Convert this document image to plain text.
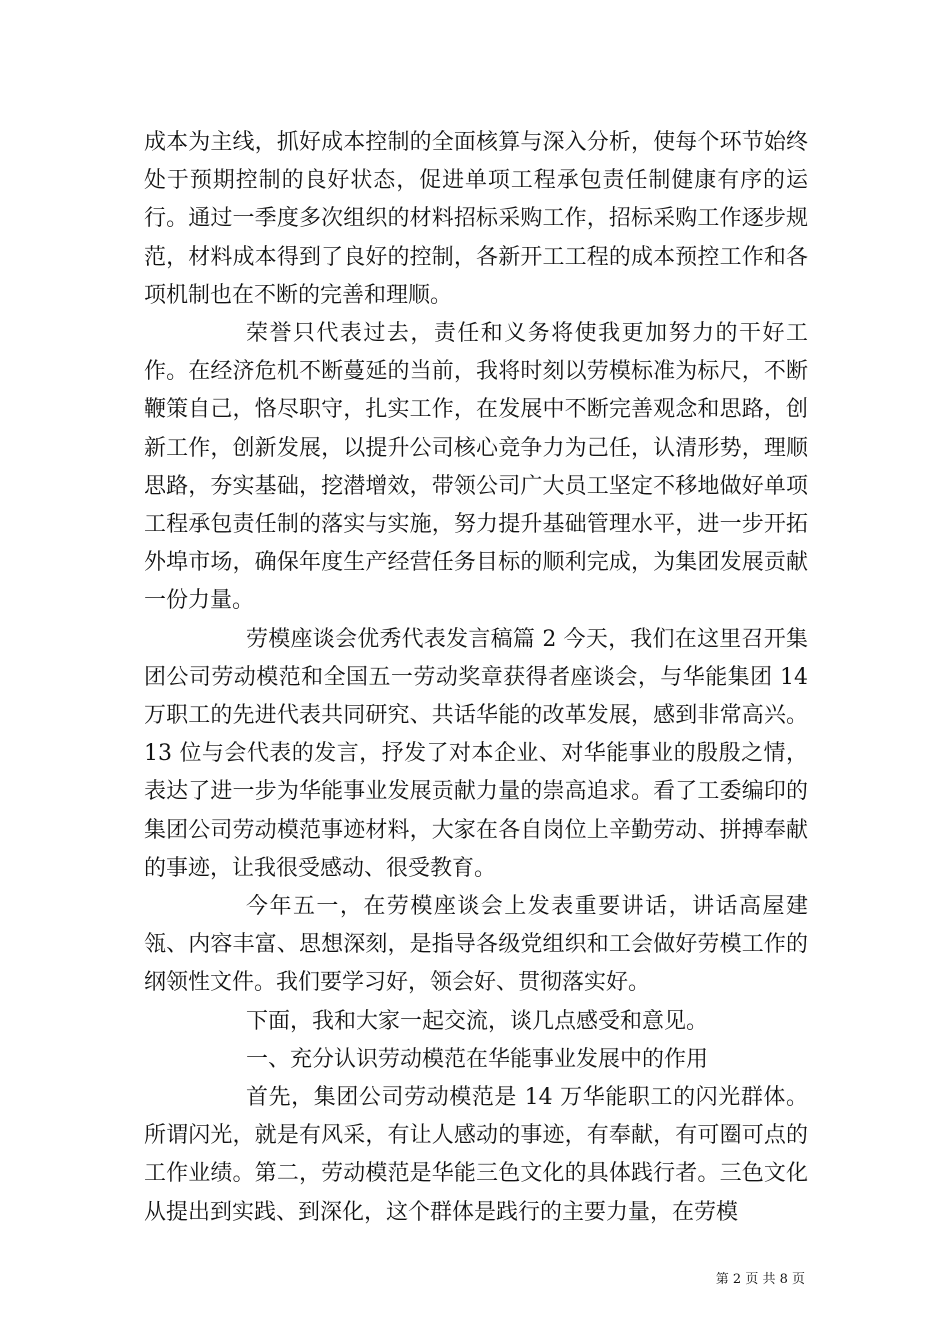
成本为主线，抓好成本控制的全面核算与深入分析，使每个环节始终处于预期控制的良好状态，促进单项工程承包责任制健康有序的运行。通过一季度多次组织的材料招标采购工作，招标采购工作逐步规范，材料成本得到了良好的控制，各新开工工程的成本预控工作和各项机制也在不断的完善和理顺。

荣誉只代表过去，责任和义务将使我更加努力的干好工作。在经济危机不断蔓延的当前，我将时刻以劳模标准为标尺，不断鞭策自己，恪尽职守，扎实工作，在发展中不断完善观念和思路，创新工作，创新发展，以提升公司核心竞争力为己任，认清形势，理顺思路，夯实基础，挖潜增效，带领公司广大员工坚定不移地做好单项工程承包责任制的落实与实施，努力提升基础管理水平，进一步开拓外埠市场，确保年度生产经营任务目标的顺利完成，为集团发展贡献一份力量。

劳模座谈会优秀代表发言稿篇 2 今天，我们在这里召开集团公司劳动模范和全国五一劳动奖章获得者座谈会，与华能集团 14 万职工的先进代表共同研究、共话华能的改革发展，感到非常高兴。13 位与会代表的发言，抒发了对本企业、对华能事业的殷殷之情，表达了进一步为华能事业发展贡献力量的崇高追求。看了工委编印的集团公司劳动模范事迹材料，大家在各自岗位上辛勤劳动、拼搏奉献的事迹，让我很受感动、很受教育。

今年五一，在劳模座谈会上发表重要讲话，讲话高屋建瓴、内容丰富、思想深刻，是指导各级党组织和工会做好劳模工作的纲领性文件。我们要学习好，领会好、贯彻落实好。

下面，我和大家一起交流，谈几点感受和意见。

一、充分认识劳动模范在华能事业发展中的作用

首先，集团公司劳动模范是 14 万华能职工的闪光群体。所谓闪光，就是有风采，有让人感动的事迹，有奉献，有可圈可点的工作业绩。第二，劳动模范是华能三色文化的具体践行者。三色文化从提出到实践、到深化，这个群体是践行的主要力量，在劳模

第 2 页 共 8 页
